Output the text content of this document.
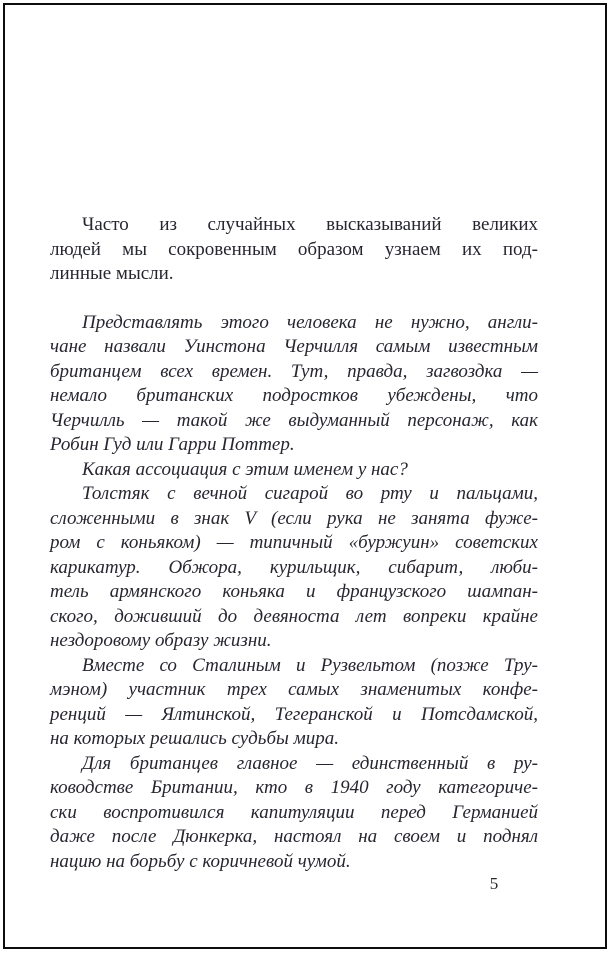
Часто из случайных высказываний великих
людей мы сокровенным образом узнаем их под-
линные мысли.
Представлять этого человека не нужно, англи-
чане назвали Уинстона Черчилля самым известным
британцем всех времен. Тут, правда, загвоздка —
немало британских подростков убеждены, что
Черчилль — такой же выдуманный персонаж, как
Робин Гуд или Гарри Поттер.
Какая ассоциация с этим именем у нас?
Толстяк с вечной сигарой во рту и пальцами,
сложенными в знак V (если рука не занята фуже-
ром с коньяком) — типичный «буржуин» советских
карикатур. Обжора, курильщик, сибарит, люби-
тель армянского коньяка и французского шампан-
ского, доживший до девяноста лет вопреки крайне
нездоровому образу жизни.
Вместе со Сталиным и Рузвельтом (позже Тру-
мэном) участник трех самых знаменитых конфе-
ренций — Ялтинской, Тегеранской и Потсдамской,
на которых решались судьбы мира.
Для британцев главное — единственный в ру-
ководстве Британии, кто в 1940 году категориче-
ски воспротивился капитуляции перед Германией
даже после Дюнкерка, настоял на своем и поднял
нацию на борьбу с коричневой чумой.
5
